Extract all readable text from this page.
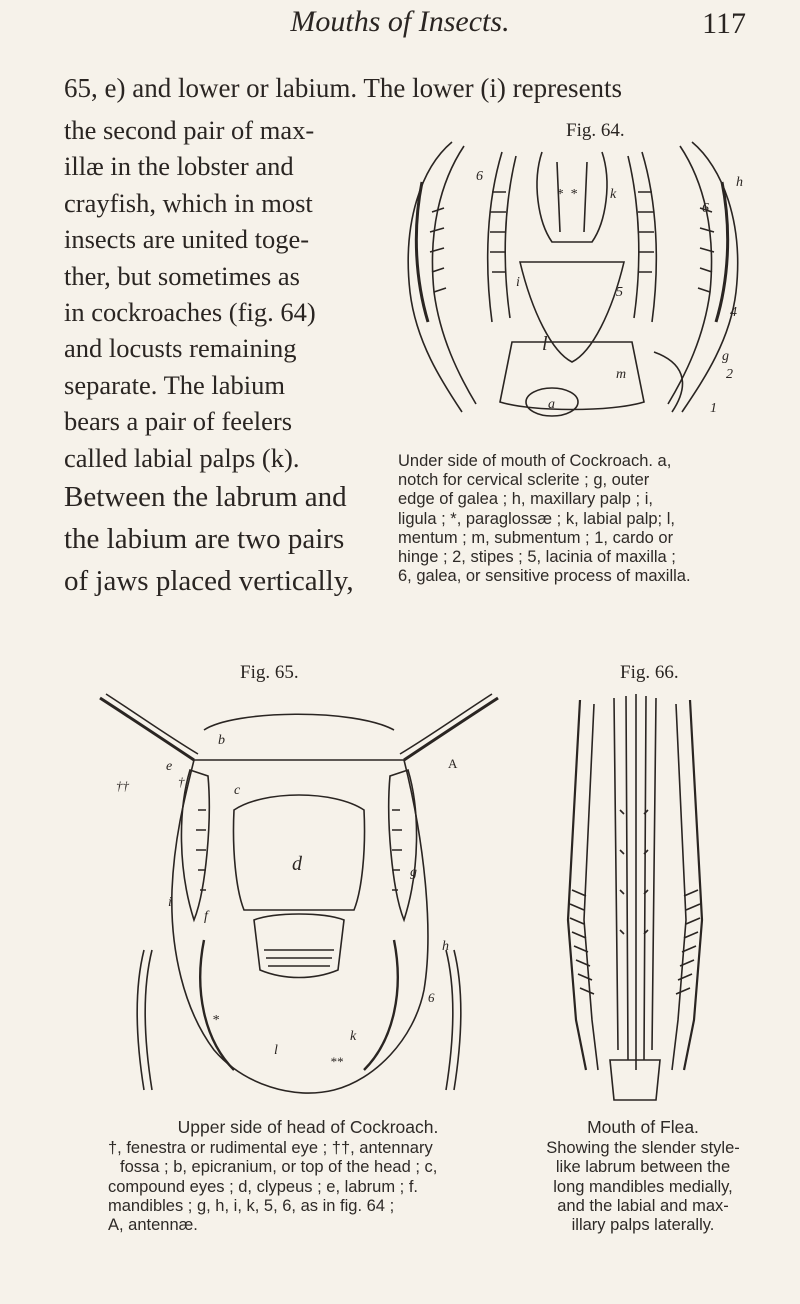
Mouths of Insects.	117
65, e) and lower or labium. The lower (i) represents
the second pair of max-
illæ in the lobster and
crayfish, which in most
insects are united toge-
ther, but sometimes as
in cockroaches (fig. 64)
and locusts remaining
separate. The labium
bears a pair of feelers
called labial palps (k).
Between the labrum and
the labium are two pairs
of jaws placed vertically,
Fig. 64.
6
* * k
h
6
i
5
4
l
g
m	2
a	1
Under side of mouth of Cockroach. a,
notch for cervical sclerite ; g, outer
edge of galea ; h, maxillary palp ; i,
ligula ; *, paraglossæ ; k, labial palp; l,
mentum ; m, submentum ; 1, cardo or
hinge ; 2, stipes ; 5, lacinia of maxilla ;
6, galea, or sensitive process of maxilla.
Fig. 65.
b
A
e
†
††	c
d	g
i
f
h
6
k
**
*
l
Upper side of head of Cockroach.
†, fenestra or rudimental eye ; ††, antennary
fossa ; b, epicranium, or top of the head ; c,
compound eyes ; d, clypeus ; e, labrum ; f.
mandibles ; g, h, i, k, 5, 6, as in fig. 64 ;
A, antennæ.
Fig. 66.
Mouth of Flea.
Showing the slender style-
like labrum between the
long mandibles medially,
and the labial and max-
illary palps laterally.
